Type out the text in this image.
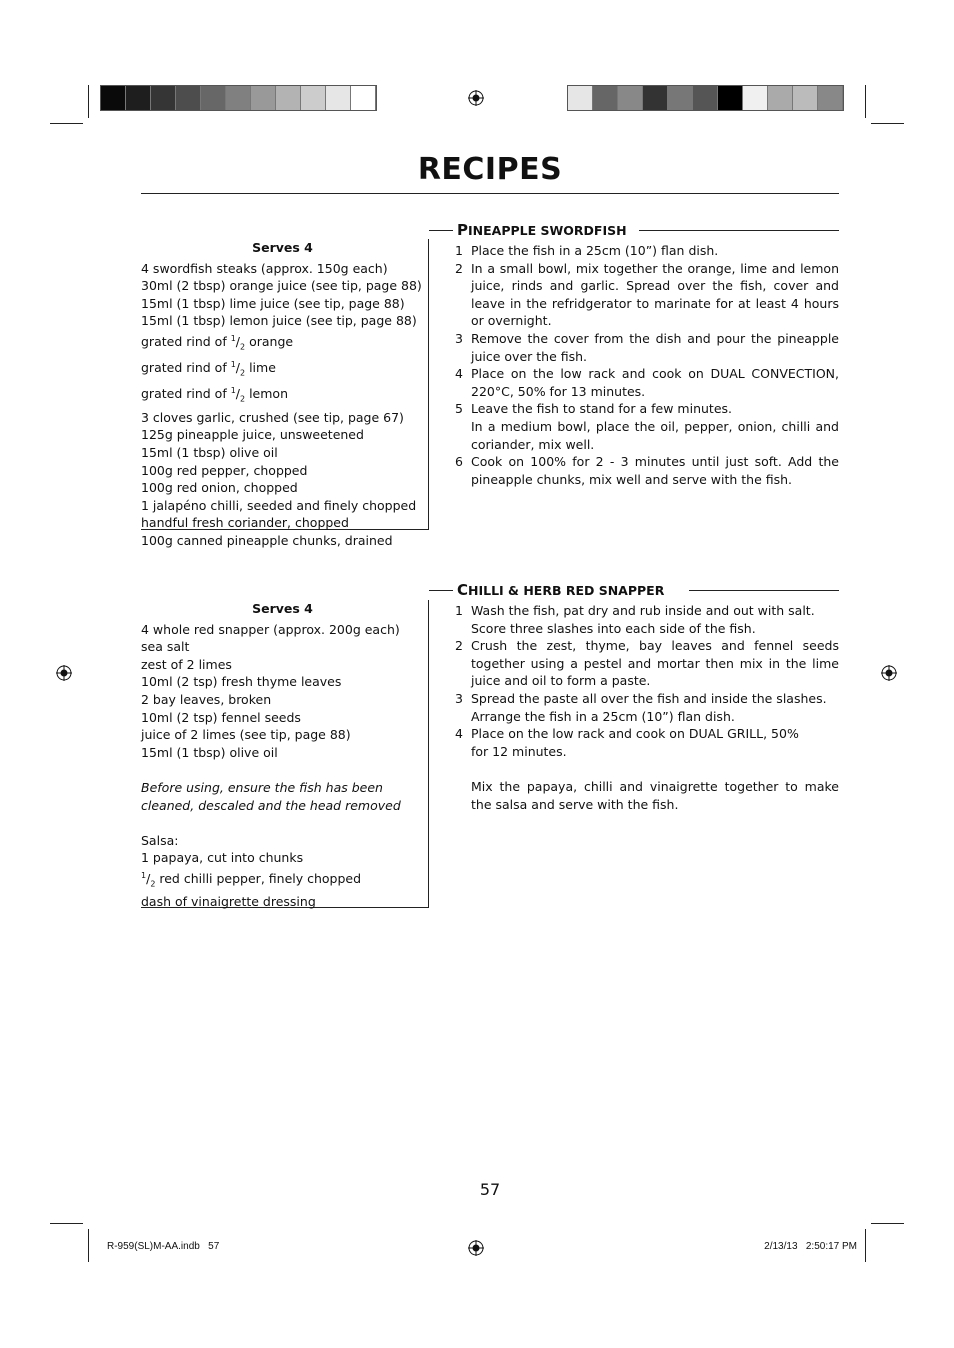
RECIPES
Serves 4
4 swordfish steaks (approx. 150g each)
30ml (2 tbsp) orange juice (see tip, page 88)
15ml (1 tbsp) lime juice (see tip, page 88)
15ml (1 tbsp) lemon juice (see tip, page 88)
grated rind of $^1/_2$ orange
grated rind of $^1/_2$ lime
grated rind of $^1/_2$ lemon
3 cloves garlic, crushed (see tip, page 67)
125g pineapple juice, unsweetened
15ml (1 tbsp) olive oil
100g red pepper, chopped
100g red onion, chopped
1 jalapéno chilli, seeded and finely chopped
handful fresh coriander, chopped
100g canned pineapple chunks, drained
PINEAPPLE SWORDFISH
1 Place the fish in a 25cm (10”) flan dish.
2 In a small bowl, mix together the orange, lime and lemon juice, rinds and garlic. Spread over the fish, cover and leave in the refridgerator to marinate for at least 4 hours or overnight.
3 Remove the cover from the dish and pour the pineapple juice over the fish.
4 Place on the low rack and cook on DUAL CONVECTION, 220°C, 50% for 13 minutes.
5 Leave the fish to stand for a few minutes.
In a medium bowl, place the oil, pepper, onion, chilli and coriander, mix well.
6 Cook on 100% for 2 - 3 minutes until just soft. Add the pineapple chunks, mix well and serve with the fish.
Serves 4
4 whole red snapper (approx. 200g each)
sea salt
zest of 2 limes
10ml (2 tsp) fresh thyme leaves
2 bay leaves, broken
10ml (2 tsp) fennel seeds
juice of 2 limes (see tip, page 88)
15ml (1 tbsp) olive oil
Before using, ensure the fish has been cleaned, descaled and the head removed
Salsa:
1 papaya, cut into chunks
$^1/_2$ red chilli pepper, finely chopped
dash of vinaigrette dressing
CHILLI & HERB RED SNAPPER
1 Wash the fish, pat dry and rub inside and out with salt.
Score three slashes into each side of the fish.
2 Crush the zest, thyme, bay leaves and fennel seeds together using a pestel and mortar then mix in the lime juice and oil to form a paste.
3 Spread the paste all over the fish and inside the slashes.
Arrange the fish in a 25cm (10”) flan dish.
4 Place on the low rack and cook on DUAL GRILL, 50%
for 12 minutes.
Mix the papaya, chilli and vinaigrette together to make the salsa and serve with the fish.
57
R-959(SL)M-AA.indb   57	2/13/13   2:50:17 PM
